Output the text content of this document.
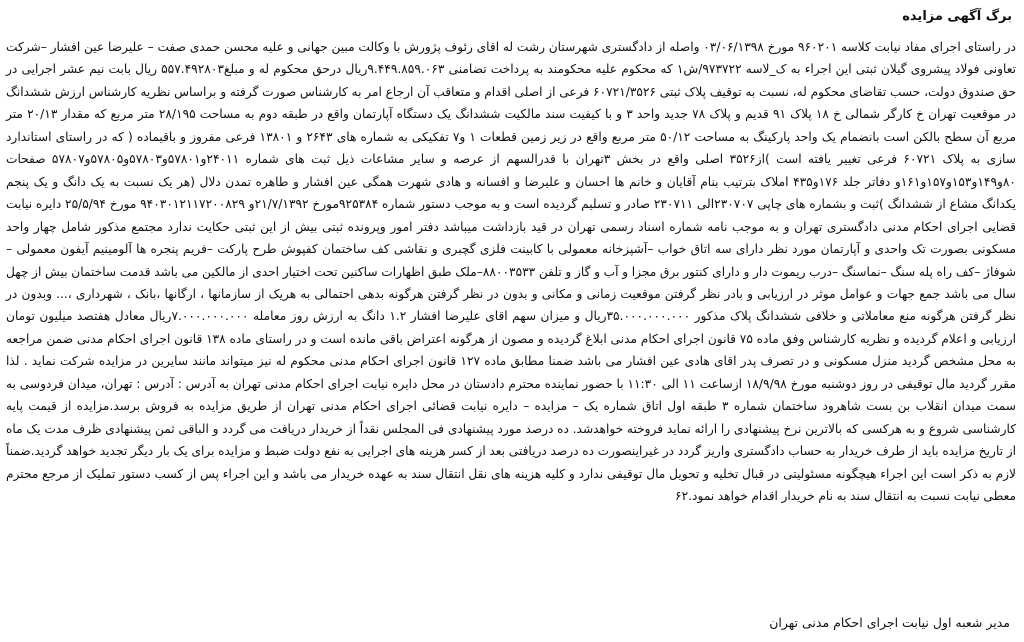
برگ آگهی مزایده

در راستای اجرای مفاد نیابت کلاسه ۹۶۰۲۰۱ مورخ ۰۳/۰۶/۱۳۹۸ واصله از دادگستری شهرستان رشت له اقای رئوف پژورش با وکالت مبین جهانی و علیه محسن حمدی صفت – علیرضا عین افشار –شرکت تعاونی فولاد پیشروی گیلان ثبتی این اجراء به ک_لاسه ۹۷۳۷۲۲/ش۱ که محکوم علیه محکومند به پرداخت تضامنی ۹.۴۴۹.۸۵۹.۰۶۳ریال درحق محکوم له و مبلغ۵۵۷.۴۹۲۸۰۳ ریال بابت نیم عشر اجرایی در حق صندوق دولت، حسب تقاضای محکوم له، نسبت به توقیف پلاک ثبتی ۶۰۷۲۱/۳۵۲۶ فرعی از اصلی اقدام و متعاقب آن ارجاع امر به کارشناس صورت گرفته و براساس نظریه کارشناس ارزش ششدانگ در موقعیت تهران خ کارگر شمالی خ ۱۸ پلاک ۹۱ قدیم و پلاک ۷۸ جدید واحد ۳ و با کیفیت سند مالکیت ششدانگ یک دستگاه آپارتمان واقع در طبقه دوم به مساحت ۲۸/۱۹۵ متر مربع که مقدار ۲۰/۱۳ متر مربع آن سطح بالکن است بانضمام یک واحد پارکینگ به مساحت ۵۰/۱۲ متر مربع واقع در زیر زمین قطعات ۱ و۷ تفکیکی به شماره های ۲۶۴۳ و ۱۳۸۰۱ فرعی مفروز و باقیماده ( که در راستای استاندارد سازی به پلاک ۶۰۷۲۱ فرعی تغییر یافته است )از۳۵۲۶ اصلی واقع در بخش ۳تهران با قدرالسهم از عرصه و سایر مشاعات ذیل ثبت های شماره ۲۴۰۱۱و۵۷۸۰۱و۵۷۸۰۳و۵۷۸۰۵و۵۷۸۰۷ صفحات ۸۰و۱۴۹و۱۵۳و۱۵۷و۱۶۱و دفاتر جلد ۱۷۶و۴۳۵ املاک بترتیب بنام آقایان و خانم ها احسان و علیرضا و افسانه و هادی شهرت همگی عین افشار و طاهره تمدن دلال (هر یک نسبت به یک دانگ و یک پنجم یکدانگ مشاع از ششدانگ )ثبت و بشماره های چاپی ۲۳۰۷۰۷الی ۲۳۰۷۱۱ صادر و تسلیم گردیده است و به موجب دستور شماره ۹۲۵۳۸۴مورخ ۲۱/۷/۱۳۹۲و ۹۴۰۳۰۱۲۱۱۷۲۰۰۸۲۹ مورخ ۲۵/۵/۹۴ دایره نیابت قضایی اجرای احکام مدنی دادگستری تهران و به موجب نامه شماره اسناد رسمی تهران در قید بازداشت میباشد دفتر امور وپرونده ثبتی بیش از این ثبتی حکایت ندارد مجتمع مذکور شامل چهار واحد مسکونی بصورت تک واحدی و آپارتمان مورد نظر دارای سه اتاق خواب –آشپزخانه معمولی با کابینت فلزی گچبری و نقاشی کف ساختمان کفپوش طرح پارکت –فریم پنجره ها آلومینیم آیفون معمولی –شوفاژ –کف راه پله سنگ –نماسنگ –درب ریموت دار و دارای کنتور برق مجزا و آب و گاز و تلفن ۸۸۰۰۳۵۳۳–ملک طبق اظهارات ساکنین تحت اختیار احدی از مالکین می باشد قدمت ساختمان بیش از چهل سال می باشد جمع جهات و عوامل موثر در ارزیابی و بادر نظر گرفتن موقعیت زمانی و مکانی و بدون در نظر گرفتن هرگونه بدهی احتمالی به هریک از سازمانها ، ارگانها ،بانک ، شهرداری ،... وبدون در نظر گرفتن هرگونه منع معاملاتی و خلافی ششدانگ پلاک مذکور ۳۵.۰۰۰.۰۰۰.۰۰۰ریال و میزان سهم اقای علیرضا افشار ۱.۲ دانگ به ارزش روز معامله ۷.۰۰۰.۰۰۰.۰۰۰ریال معادل هفتصد میلیون تومان ارزیابی و اعلام گردیده و نظریه کارشناس وفق ماده ۷۵ قانون اجرای احکام مدنی ابلاغ گردیده و مصون از هرگونه اعتراض باقی مانده است و در راستای ماده ۱۳۸ قانون اجرای احکام مدنی ضمن مراجعه به محل مشخص گردید منزل مسکونی و در تصرف پدر اقای هادی عین افشار می باشد ضمنا مطابق ماده ۱۲۷ قانون اجرای احکام مدنی محکوم له نیز میتواند مانند سایرین در مزایده شرکت نماید . لذا مقرر گردید مال توقیفی در روز دوشنبه مورخ ۱۸/۹/۹۸ ازساعت ۱۱ الی ۱۱:۳۰ با حضور نماینده محترم دادستان در محل دایره نیابت اجرای احکام مدنی تهران به آدرس : آدرس : تهران، میدان فردوسی به سمت میدان انقلاب بن بست شاهرود ساختمان شماره ۳ طبقه اول اتاق شماره یک – مزایده – دایره نیابت قضائی اجرای احکام مدنی تهران از طریق مزایده به فروش برسد.مزایده از قیمت پایه کارشناسی شروع و به هرکسی که بالاترین نرخ پیشنهادی را ارائه نماید فروخته خواهدشد. ده درصد مورد پیشنهادی فی المجلس نقداً از خریدار دریافت می گردد و الباقی ثمن پیشنهادی ظرف مدت یک ماه از تاریخ مزایده باید از طرف خریدار به حساب دادگستری واریز گردد در غیراینصورت ده درصد دریافتی بعد از کسر هزینه های اجرایی به نفع دولت ضبط و مزایده برای یک بار دیگر تجدید خواهد گردید.ضمناً لازم به ذکر است این اجراء هیچگونه مسئولیتی در قبال تخلیه و تحویل مال توقیفی ندارد و کلیه هزینه های نقل انتقال سند به عهده خریدار می باشد و این اجراء پس از کسب دستور تملیک از مرجع محترم معطی نیابت نسبت به انتقال سند به نام خریدار اقدام خواهد نمود.۶۲

مدیر شعبه اول نیابت اجرای احکام مدنی تهران
